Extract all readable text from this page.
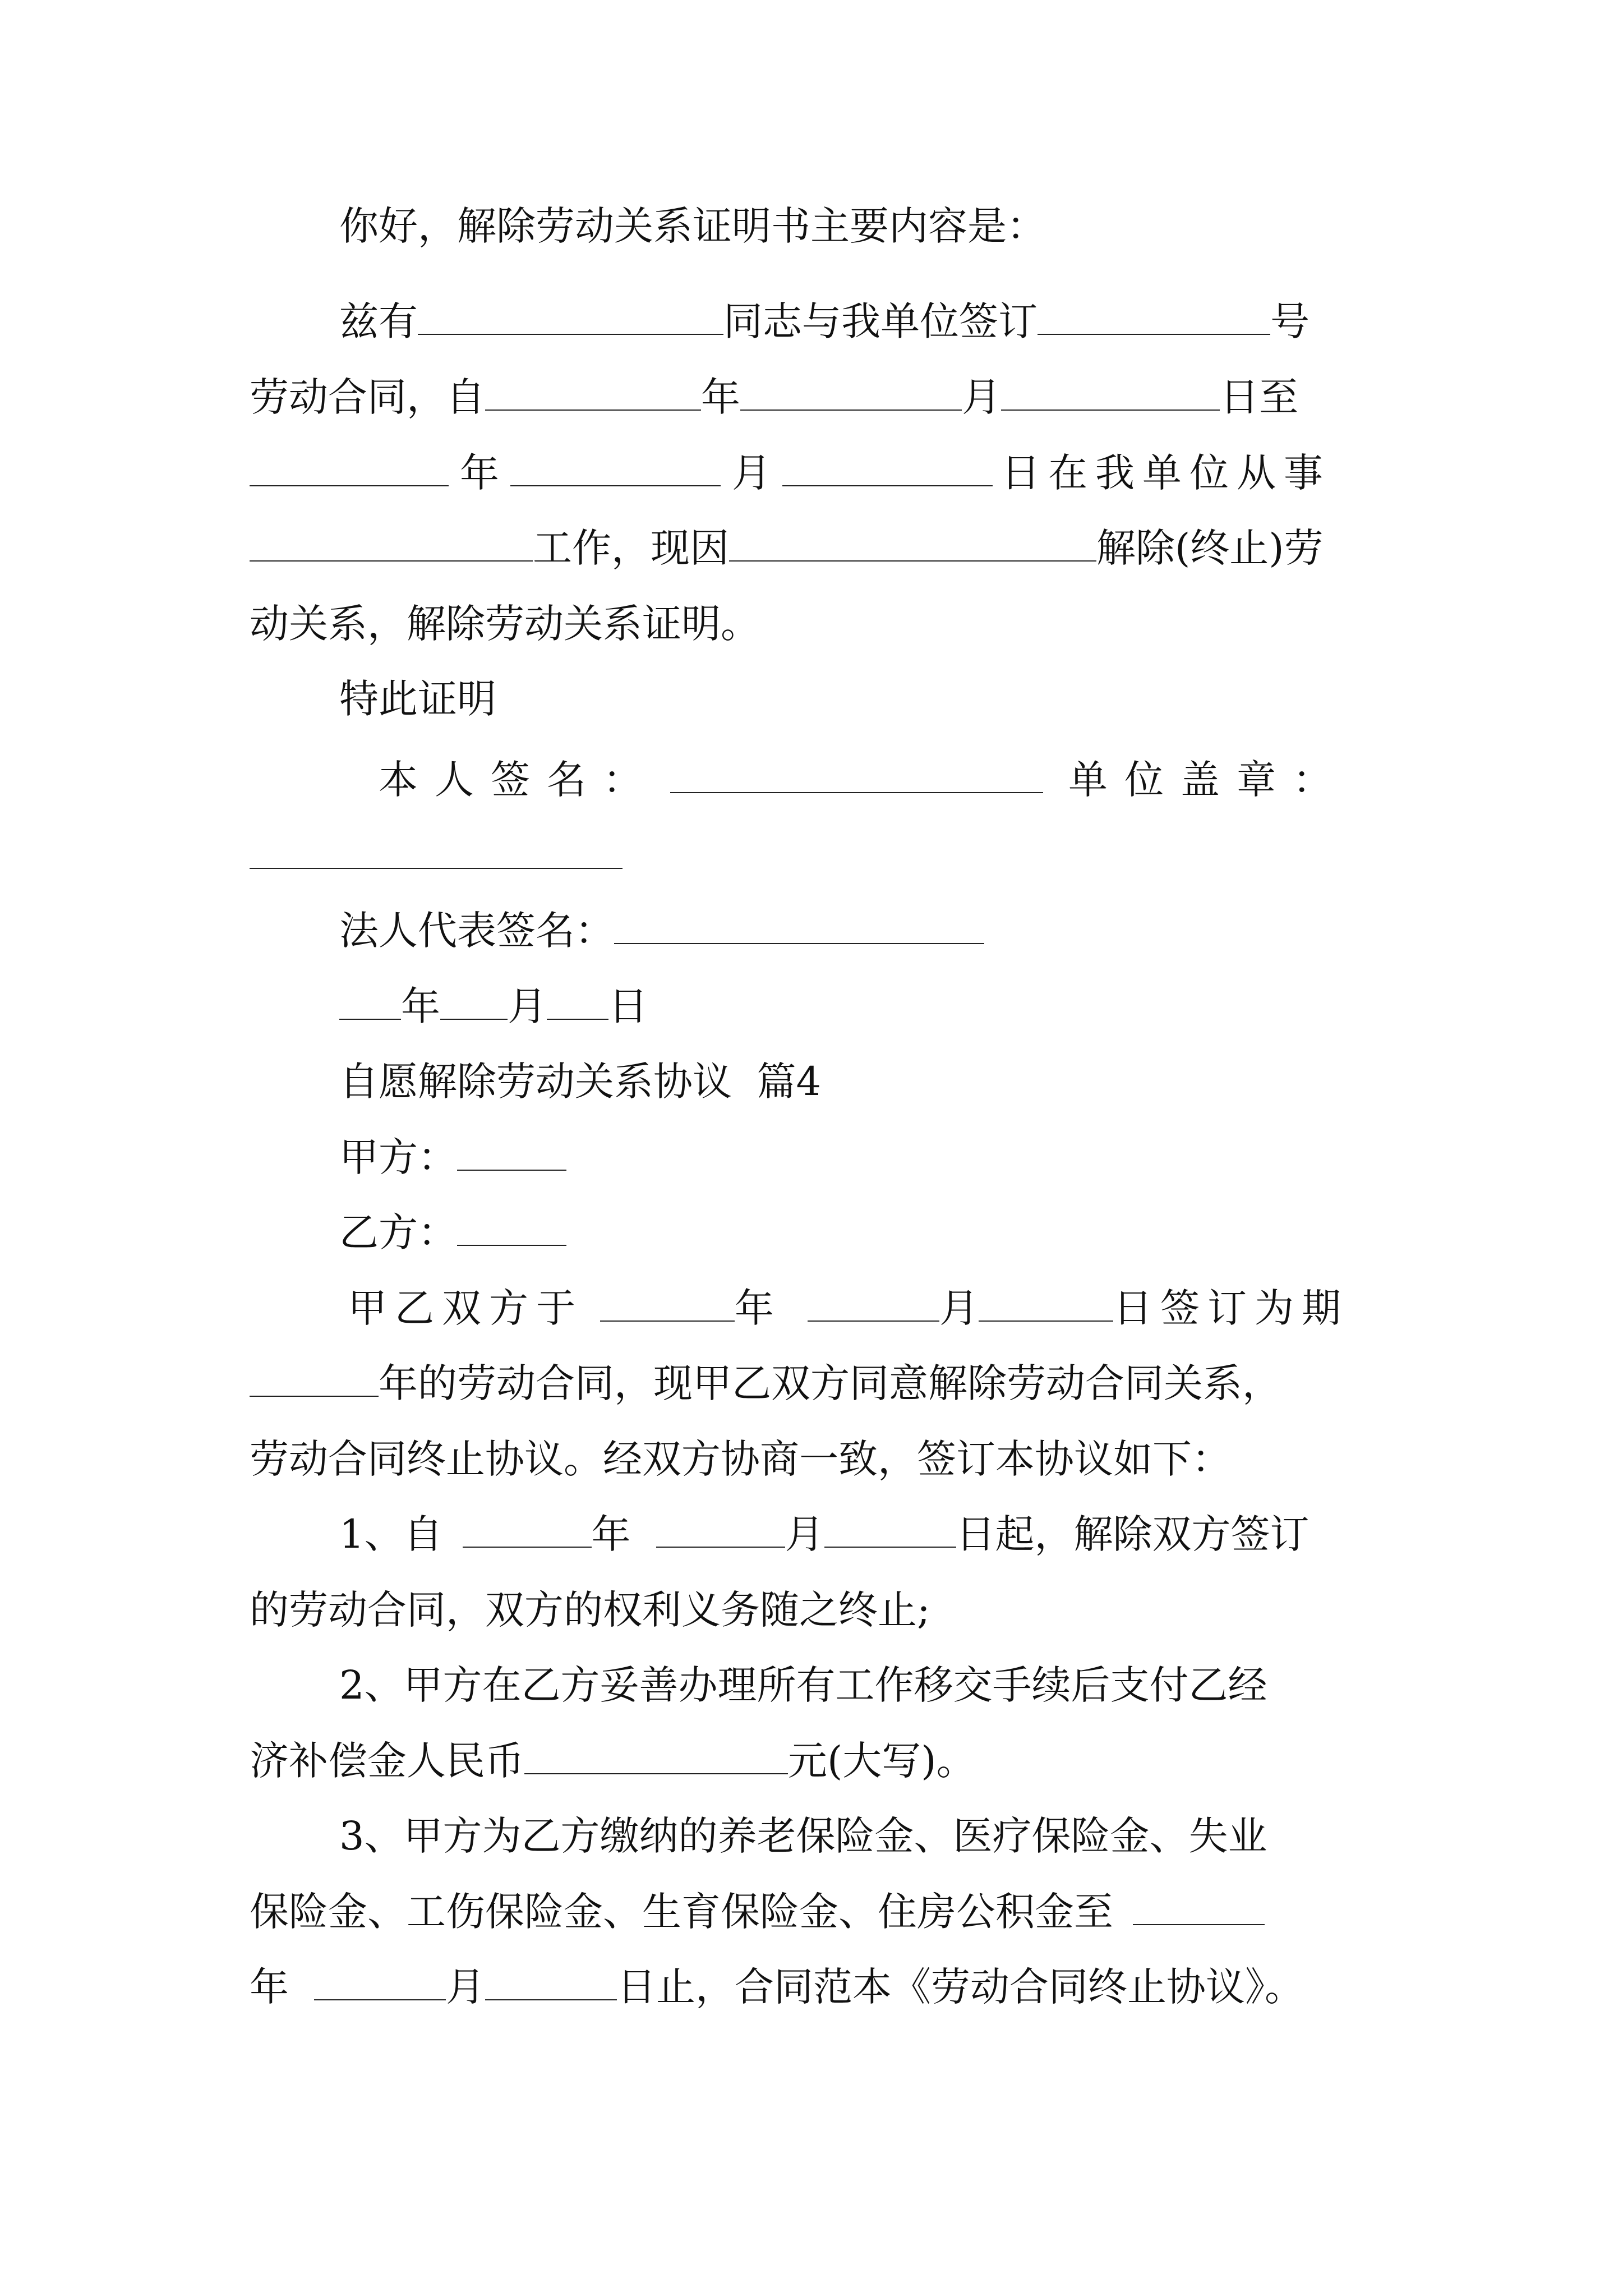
你好，解除劳动关系证明书主要内容是：
兹有	同志与我单位签订	号
劳动合同，自	年	月	日至
年	月	日在我单位从事
工作，现因	解除(终止)劳
动关系，解除劳动关系证明。
特此证明
本人签名：	单位盖章：
法人代表签名：
年 月 日
自愿解除劳动关系协议  篇4
甲方：
乙方：
甲乙双方于	年	月	日签订为期
年的劳动合同，现甲乙双方同意解除劳动合同关系，
劳动合同终止协议。经双方协商一致，签订本协议如下：
1、自	年	月	日起，解除双方签订
的劳动合同，双方的权利义务随之终止;
2、甲方在乙方妥善办理所有工作移交手续后支付乙经
济补偿金人民币	元(大写)。
3、甲方为乙方缴纳的养老保险金、医疗保险金、失业
保险金、工伤保险金、生育保险金、住房公积金至
年	月	日止，合同范本《劳动合同终止协议》。
